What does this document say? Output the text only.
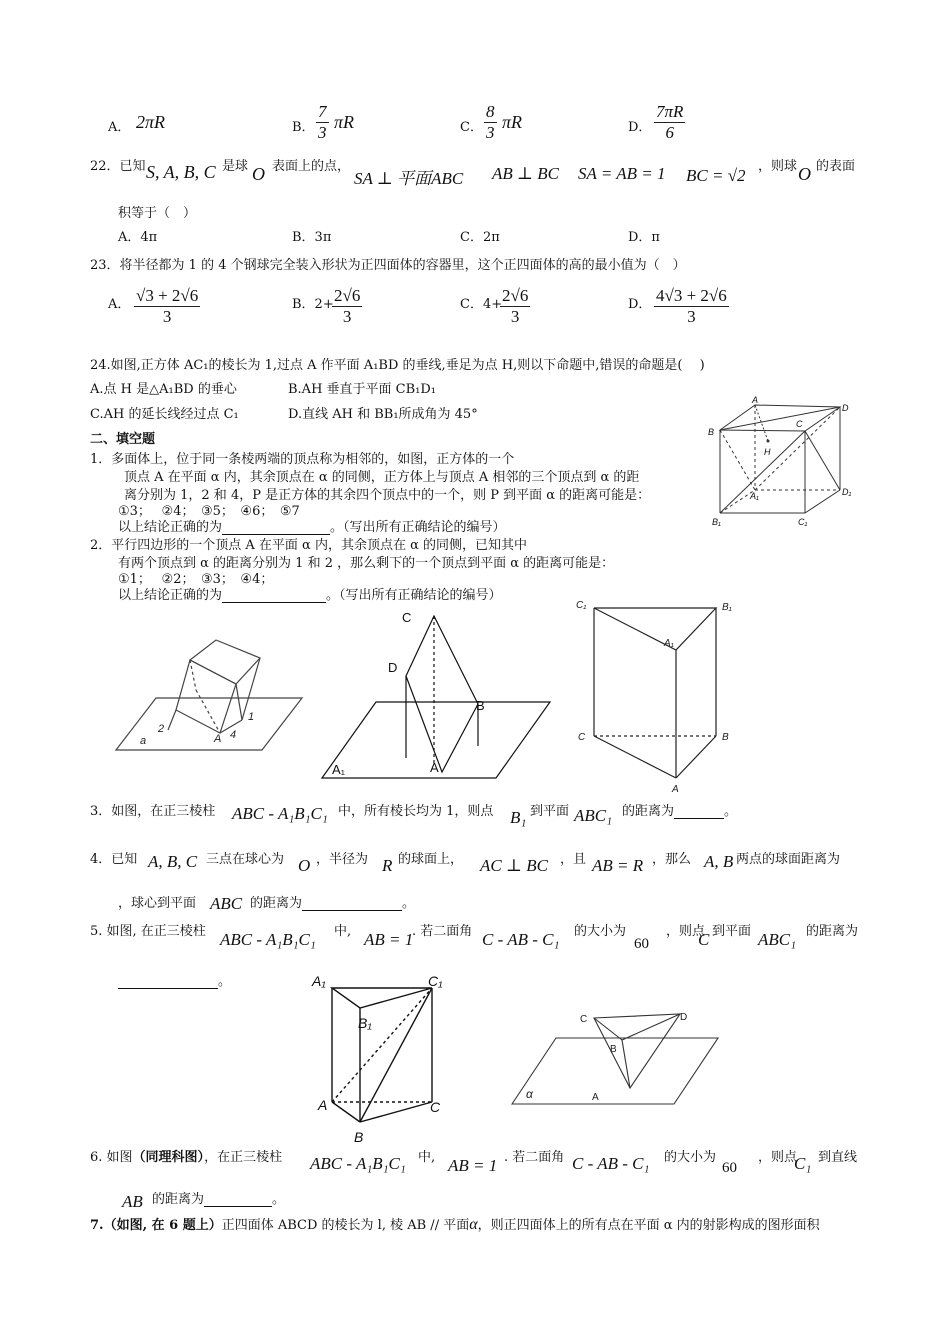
A． 2πR	B． $\frac{7}{3}$ πR	C． $\frac{8}{3}$ πR	D． $\frac{7\pi R}{6}$
22．已知 S, A, B, C 是球 O 表面上的点，
SA ⊥ 平面ABC AB ⊥ BC SA = AB = 1 BC = √2 ，则球 O 的表面
积等于（　）
A．4π	B．3π	C．2π	D．π
23．将半径都为 1 的 4 个钢球完全装入形状为正四面体的容器里，这个正四面体的高的最小值为（　）
A． $\frac{√3 + 2√6}{3}$	B．2+
$\frac{2√6}{3}$	C．4+
$\frac{2√6}{3}$	D． $\frac{4√3 + 2√6}{3}$
24.如图,正方体 AC₁的棱长为 1,过点 A 作平面 A₁BD 的垂线,垂足为点 H,则以下命题中,错误的命题是(　 )
A.点 H 是△A₁BD 的垂心	B.AH 垂直于平面 CB₁D₁
C.AH 的延长线经过点 C₁	D.直线 AH 和 BB₁所成角为 45°
A
B
C
D
H
A₁
B₁	C₁
D₁
二、填空题
1．多面体上，位于同一条棱两端的顶点称为相邻的，如图，正方体的一个
顶点 A 在平面 α 内，其余顶点在 α 的同侧，正方体上与顶点 A 相邻的三个顶点到 α 的距
离分别为 1，2 和 4，P 是正方体的其余四个顶点中的一个，则 P 到平面 α 的距离可能是：
①3；　 ②4；　③5；　④6；　⑤7
以上结论正确的为	。（写出所有正确结论的编号）
2．平行四边形的一个顶点 A 在平面 α 内，其余顶点在 α 的同侧，已知其中
有两个顶点到 α 的距离分别为 1 和 2 ，那么剩下的一个顶点到平面 α 的距离可能是：
①1；　 ②2；　③3；　④4；
以上结论正确的为	。（写出所有正确结论的编号）
a
1
2	4
A
C
D
B
A
A₁
C₁	B₁
A₁
C	B
A
3．如图，在正三棱柱 ABC - A₁B₁C₁ 中，所有棱长均为 1，则点 B₁ 到平面 ABC₁ 的距离为	。
4．已知 A, B, C 三点在球心为 O ，半径为 R 的球面上， AC ⊥ BC ，且 AB = R ，那么 A, B 两点的球面距离为
，球心到平面 ABC 的距离为	。
5. 如图, 在正三棱柱 ABC - A₁B₁C₁ 中, AB = 1
. 若二面角 C - AB - C₁ 的大小为
60
，则点
C 到平面 ABC₁ 的距离为
。	A₁	C₁
B₁
A	C
B
C	D
B
A
α
6. 如图（同理科图），在正三棱柱 ABC - A₁B₁C₁ 中, AB = 1 . 若二面角 C - AB - C₁ 的大小为
60
，则点
C₁ 到直线
AB 的距离为	。
7.（如图, 在 6 题上）正四面体 ABCD 的棱长为 l, 棱 AB // 平面α，则正四面体上的所有点在平面 α 内的射影构成的图形面积
